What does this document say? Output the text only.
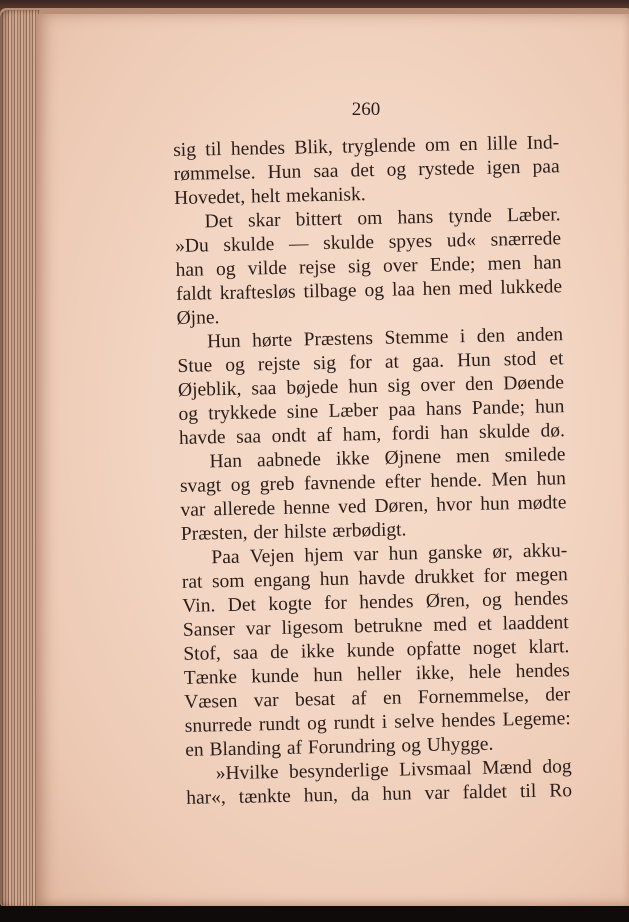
260
sig til hendes Blik, tryglende om en lille Ind-
rømmelse. Hun saa det og rystede igen paa
Hovedet, helt mekanisk.
Det skar bittert om hans tynde Læber.
»Du skulde — skulde spyes ud« snærrede
han og vilde rejse sig over Ende; men han
faldt kraftesløs tilbage og laa hen med lukkede
Øjne.
Hun hørte Præstens Stemme i den anden
Stue og rejste sig for at gaa. Hun stod et
Øjeblik, saa bøjede hun sig over den Døende
og trykkede sine Læber paa hans Pande; hun
havde saa ondt af ham, fordi han skulde dø.
Han aabnede ikke Øjnene men smilede
svagt og greb favnende efter hende. Men hun
var allerede henne ved Døren, hvor hun mødte
Præsten, der hilste ærbødigt.
Paa Vejen hjem var hun ganske ør, akku-
rat som engang hun havde drukket for megen
Vin. Det kogte for hendes Øren, og hendes
Sanser var ligesom betrukne med et laaddent
Stof, saa de ikke kunde opfatte noget klart.
Tænke kunde hun heller ikke, hele hendes
Væsen var besat af en Fornemmelse, der
snurrede rundt og rundt i selve hendes Legeme:
en Blanding af Forundring og Uhygge.
»Hvilke besynderlige Livsmaal Mænd dog
har«, tænkte hun, da hun var faldet til Ro
